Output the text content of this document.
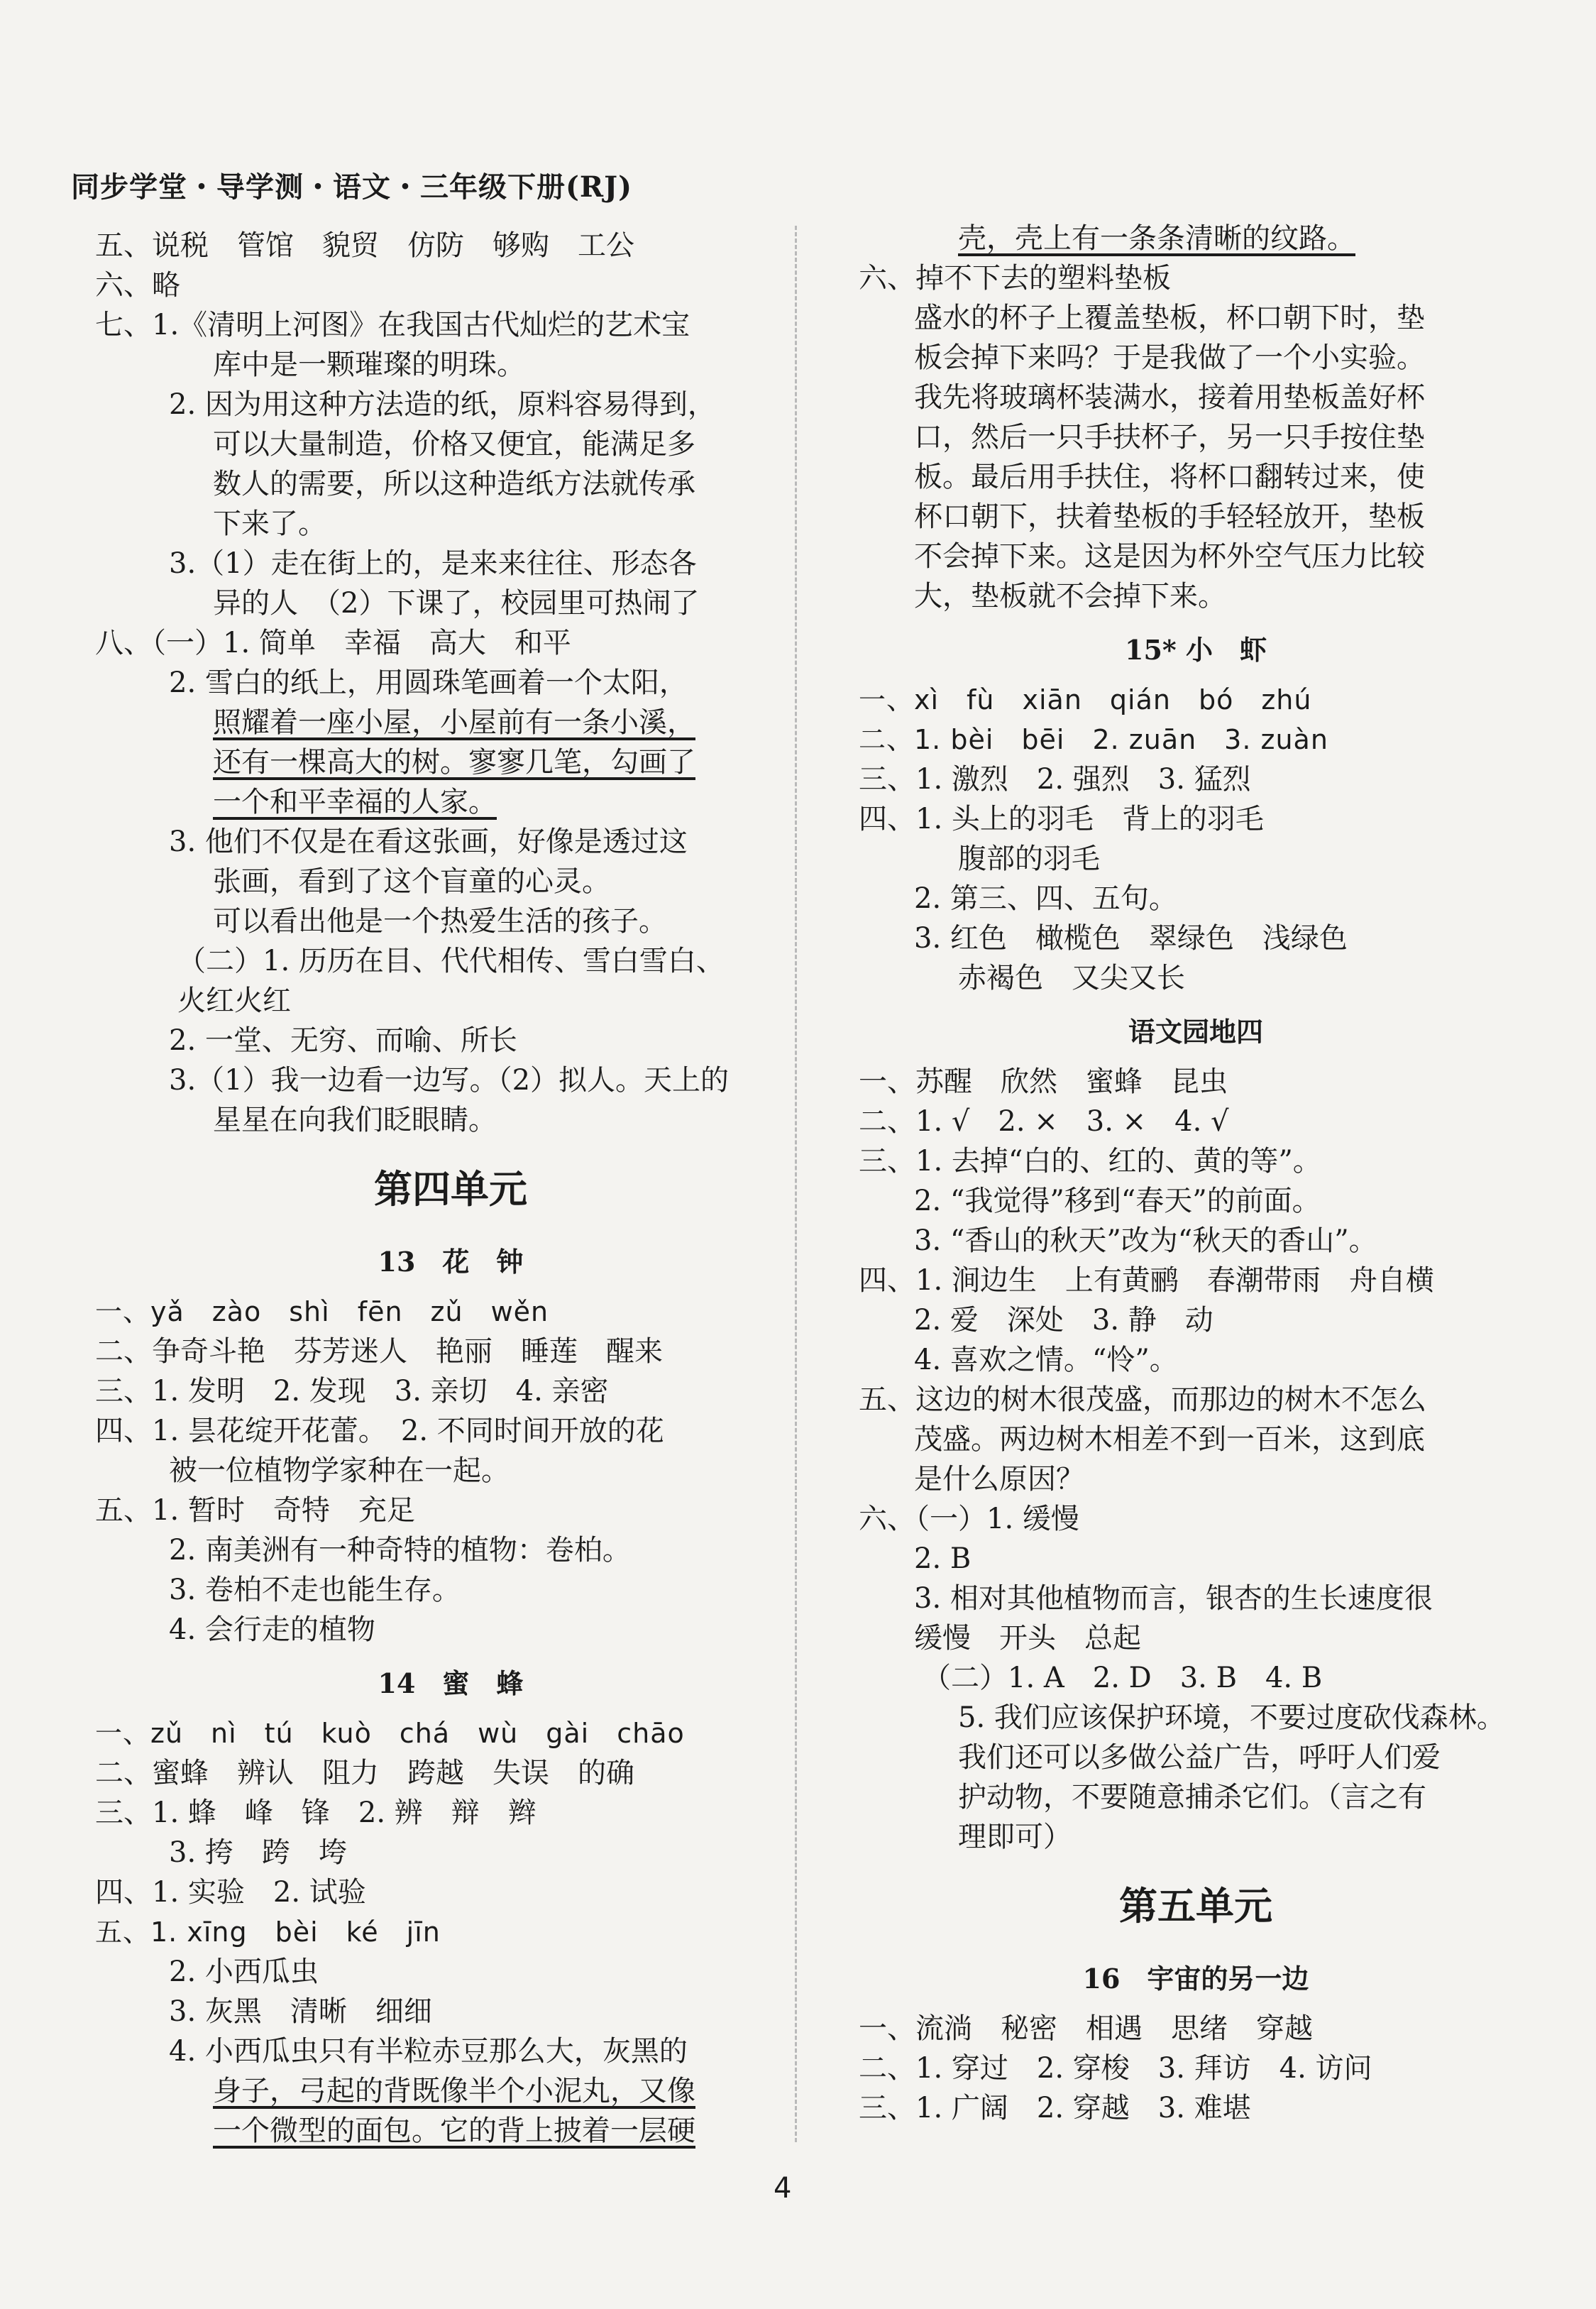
同步学堂・导学测・语文・三年级下册(RJ)
五、说税　管馆　貌贸　仿防　够购　工公
六、略
七、1.《清明上河图》在我国古代灿烂的艺术宝
库中是一颗璀璨的明珠。
2. 因为用这种方法造的纸，原料容易得到，
可以大量制造，价格又便宜，能满足多
数人的需要，所以这种造纸方法就传承
下来了。
3.（1）走在街上的，是来来往往、形态各
异的人　（2）下课了，校园里可热闹了
八、（一）1. 简单　幸福　高大　和平
2. 雪白的纸上，用圆珠笔画着一个太阳，
照耀着一座小屋，小屋前有一条小溪，
还有一棵高大的树。寥寥几笔，勾画了
一个和平幸福的人家。
3. 他们不仅是在看这张画，好像是透过这
张画，看到了这个盲童的心灵。
可以看出他是一个热爱生活的孩子。
（二）1. 历历在目、代代相传、雪白雪白、
火红火红
2. 一堂、无穷、而喻、所长
3.（1）我一边看一边写。（2）拟人。天上的
星星在向我们眨眼睛。
第四单元
13　花　钟
一、yǎ　zào　shì　fēn　zǔ　wěn
二、争奇斗艳　芬芳迷人　艳丽　睡莲　醒来
三、1. 发明　2. 发现　3. 亲切　4. 亲密
四、1. 昙花绽开花蕾。　2. 不同时间开放的花
被一位植物学家种在一起。
五、1. 暂时　奇特　充足
2. 南美洲有一种奇特的植物：卷柏。
3. 卷柏不走也能生存。
4. 会行走的植物
14　蜜　蜂
一、zǔ　nì　tú　kuò　chá　wù　gài　chāo
二、蜜蜂　辨认　阻力　跨越　失误　的确
三、1. 蜂　峰　锋　2. 辨　辩　辫
3. 挎　跨　垮
四、1. 实验　2. 试验
五、1. xīng　bèi　ké　jīn
2. 小西瓜虫
3. 灰黑　清晰　细细
4. 小西瓜虫只有半粒赤豆那么大，灰黑的
身子，弓起的背既像半个小泥丸，又像
一个微型的面包。它的背上披着一层硬
壳，壳上有一条条清晰的纹路。
六、掉不下去的塑料垫板
盛水的杯子上覆盖垫板，杯口朝下时，垫
板会掉下来吗？于是我做了一个小实验。
我先将玻璃杯装满水，接着用垫板盖好杯
口，然后一只手扶杯子，另一只手按住垫
板。最后用手扶住，将杯口翻转过来，使
杯口朝下，扶着垫板的手轻轻放开，垫板
不会掉下来。这是因为杯外空气压力比较
大，垫板就不会掉下来。
15* 小　虾
一、xì　fù　xiān　qián　bó　zhú
二、1. bèi　bēi　2. zuān　3. zuàn
三、1. 激烈　2. 强烈　3. 猛烈
四、1. 头上的羽毛　背上的羽毛
腹部的羽毛
2. 第三、四、五句。
3. 红色　橄榄色　翠绿色　浅绿色
赤褐色　又尖又长
语文园地四
一、苏醒　欣然　蜜蜂　昆虫
二、1. √　2. ×　3. ×　4. √
三、1. 去掉“白的、红的、黄的等”。
2. “我觉得”移到“春天”的前面。
3. “香山的秋天”改为“秋天的香山”。
四、1. 涧边生　上有黄鹂　春潮带雨　舟自横
2. 爱　深处　3. 静　动
4. 喜欢之情。“怜”。
五、这边的树木很茂盛，而那边的树木不怎么
茂盛。两边树木相差不到一百米，这到底
是什么原因？
六、（一）1. 缓慢
2. B
3. 相对其他植物而言，银杏的生长速度很
缓慢　开头　总起
（二）1. A　2. D　3. B　4. B
5. 我们应该保护环境，不要过度砍伐森林。
我们还可以多做公益广告，呼吁人们爱
护动物，不要随意捕杀它们。（言之有
理即可）
第五单元
16　宇宙的另一边
一、流淌　秘密　相遇　思绪　穿越
二、1. 穿过　2. 穿梭　3. 拜访　4. 访问
三、1. 广阔　2. 穿越　3. 难堪
4
